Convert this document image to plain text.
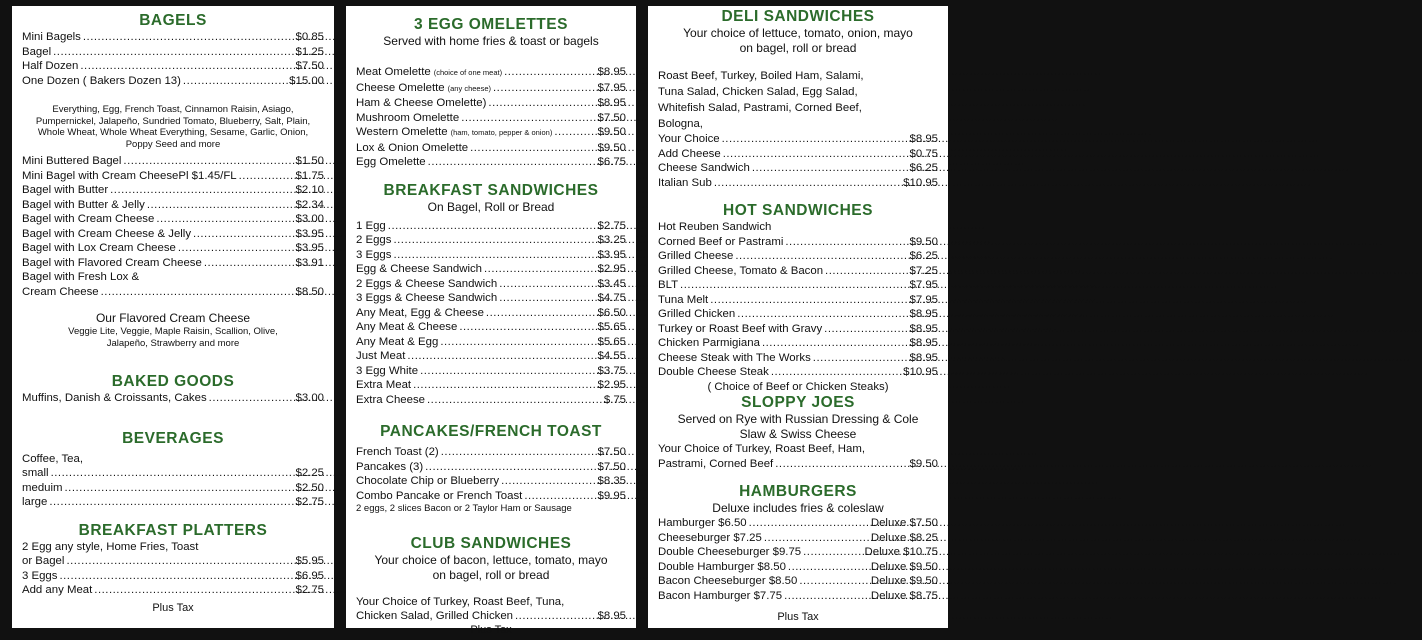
BAGELS
Mini Bagels .....	$0.85
Bagel .....	$1.25
Half Dozen .....	$7.50
One Dozen ( Bakers Dozen 13) .....	$15.00
Everything, Egg, French Toast, Cinnamon Raisin, Asiago, Pumpernickel, Jalapeño, Sundried Tomato, Blueberry, Salt, Plain, Whole Wheat, Whole Wheat Everything, Sesame, Garlic, Onion, Poppy Seed and more
Mini Buttered Bagel .....	$1.50
Mini Bagel with Cream CheesePl $1.45/FL .....	$1.75
Bagel with Butter .....	$2.10
Bagel with Butter & Jelly .....	$2.34
Bagel with Cream Cheese .....	$3.00
Bagel with Cream Cheese & Jelly .....	$3.95
Bagel with Lox Cream Cheese .....	$3.95
Bagel with Flavored Cream Cheese .....	$3.91
Bagel with Fresh Lox &
Cream Cheese .....	$8.50
Our Flavored Cream Cheese
Veggie Lite, Veggie, Maple Raisin, Scallion, Olive, Jalapeño, Strawberry and more
BAKED GOODS
Muffins, Danish & Croissants, Cakes .....	$3.00
BEVERAGES
Coffee, Tea,
small .....	$2.25
meduim .....	$2.50
large .....	$2.75
BREAKFAST PLATTERS
2 Egg any style, Home Fries, Toast
or Bagel .....	$5.95
3 Eggs .....	$6.95
Add any Meat .....	$2.75
Plus Tax
3 EGG OMELETTES
Served with home fries & toast or bagels
Meat Omelette (choice of one meat) .....	$8.95
Cheese Omelette (any cheese) .....	$7.95
Ham & Cheese Omelette) .....	$8.95
Mushroom Omelette .....	$7.50
Western Omelette (ham, tomato, pepper & onion) .....	$9.50
Lox & Onion Omelette .....	$9.50
Egg Omelette .....	$6.75
BREAKFAST SANDWICHES
On Bagel, Roll or Bread
1 Egg .....	$2.75
2 Eggs .....	$3.25
3 Eggs .....	$3.95
Egg & Cheese Sandwich .....	$2.95
2 Eggs & Cheese Sandwich .....	$3.45
3 Eggs & Cheese Sandwich .....	$4.75
Any Meat, Egg & Cheese .....	$6.50
Any Meat & Cheese .....	$5.65
Any Meat & Egg .....	$5.65
Just Meat .....	$4.55
3 Egg White .....	$3.75
Extra Meat .....	$2.95
Extra Cheese .....	$.75
PANCAKES/FRENCH TOAST
French Toast (2) .....	$7.50
Pancakes (3) .....	$7.50
Chocolate Chip or Blueberry .....	$8.35
Combo Pancake or French Toast .....	$9.95
2 eggs, 2 slices Bacon or 2 Taylor Ham or Sausage
CLUB SANDWICHES
Your choice of bacon, lettuce, tomato, mayo on bagel, roll or bread
Your Choice of Turkey, Roast Beef, Tuna,
Chicken Salad, Grilled Chicken .....	$8.95
Plus Tax
DELI SANDWICHES
Your choice of lettuce, tomato, onion, mayo on bagel, roll or bread
Roast Beef, Turkey, Boiled Ham, Salami,
Tuna Salad, Chicken Salad, Egg Salad,
Whitefish Salad, Pastrami, Corned Beef,
Bologna,
Your Choice .....	$8.95
Add Cheese .....	$0.75
Cheese Sandwich .....	$6.25
Italian Sub .....	$10.95
HOT SANDWICHES
Hot Reuben Sandwich
Corned Beef or Pastrami .....	$9.50
Grilled Cheese .....	$6.25
Grilled Cheese, Tomato & Bacon .....	$7.25
BLT .....	$7.95
Tuna Melt .....	$7.95
Grilled Chicken .....	$8.95
Turkey or Roast Beef with Gravy .....	$8.95
Chicken Parmigiana .....	$8.95
Cheese Steak with The Works .....	$8.95
Double Cheese Steak .....	$10.95
( Choice of Beef or Chicken Steaks)
SLOPPY JOES
Served on Rye with Russian Dressing & Cole Slaw & Swiss Cheese
Your Choice of Turkey, Roast Beef, Ham,
Pastrami, Corned Beef .....	$9.50
HAMBURGERS
Deluxe includes fries & coleslaw
Hamburger $6.50 .....	Deluxe $7.50
Cheeseburger $7.25 .....	Deluxe $8.25
Double Cheeseburger $9.75 .....	Deluxe $10.75
Double Hamburger $8.50 .....	Deluxe $9.50
Bacon Cheeseburger $8.50 .....	Deluxe $9.50
Bacon Hamburger $7.75 .....	Deluxe $8.75
Plus Tax
